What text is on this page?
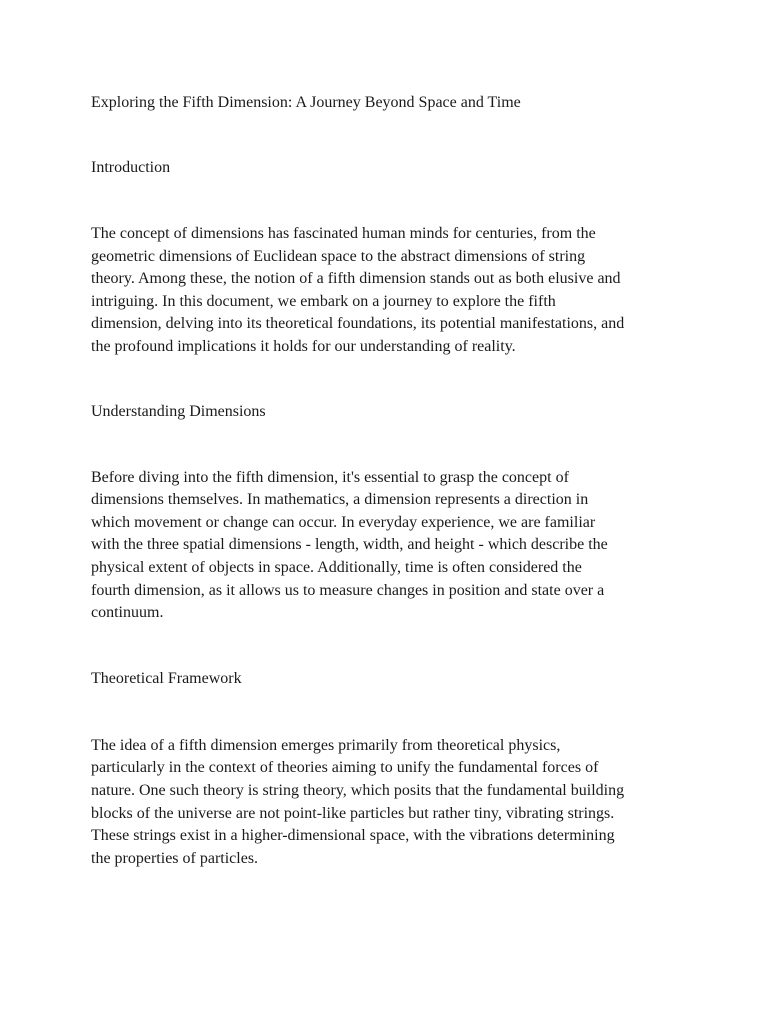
Exploring the Fifth Dimension: A Journey Beyond Space and Time

Introduction

The concept of dimensions has fascinated human minds for centuries, from the
geometric dimensions of Euclidean space to the abstract dimensions of string
theory. Among these, the notion of a fifth dimension stands out as both elusive and
intriguing. In this document, we embark on a journey to explore the fifth
dimension, delving into its theoretical foundations, its potential manifestations, and
the profound implications it holds for our understanding of reality.

Understanding Dimensions

Before diving into the fifth dimension, it's essential to grasp the concept of
dimensions themselves. In mathematics, a dimension represents a direction in
which movement or change can occur. In everyday experience, we are familiar
with the three spatial dimensions - length, width, and height - which describe the
physical extent of objects in space. Additionally, time is often considered the
fourth dimension, as it allows us to measure changes in position and state over a
continuum.

Theoretical Framework

The idea of a fifth dimension emerges primarily from theoretical physics,
particularly in the context of theories aiming to unify the fundamental forces of
nature. One such theory is string theory, which posits that the fundamental building
blocks of the universe are not point-like particles but rather tiny, vibrating strings.
These strings exist in a higher-dimensional space, with the vibrations determining
the properties of particles.
